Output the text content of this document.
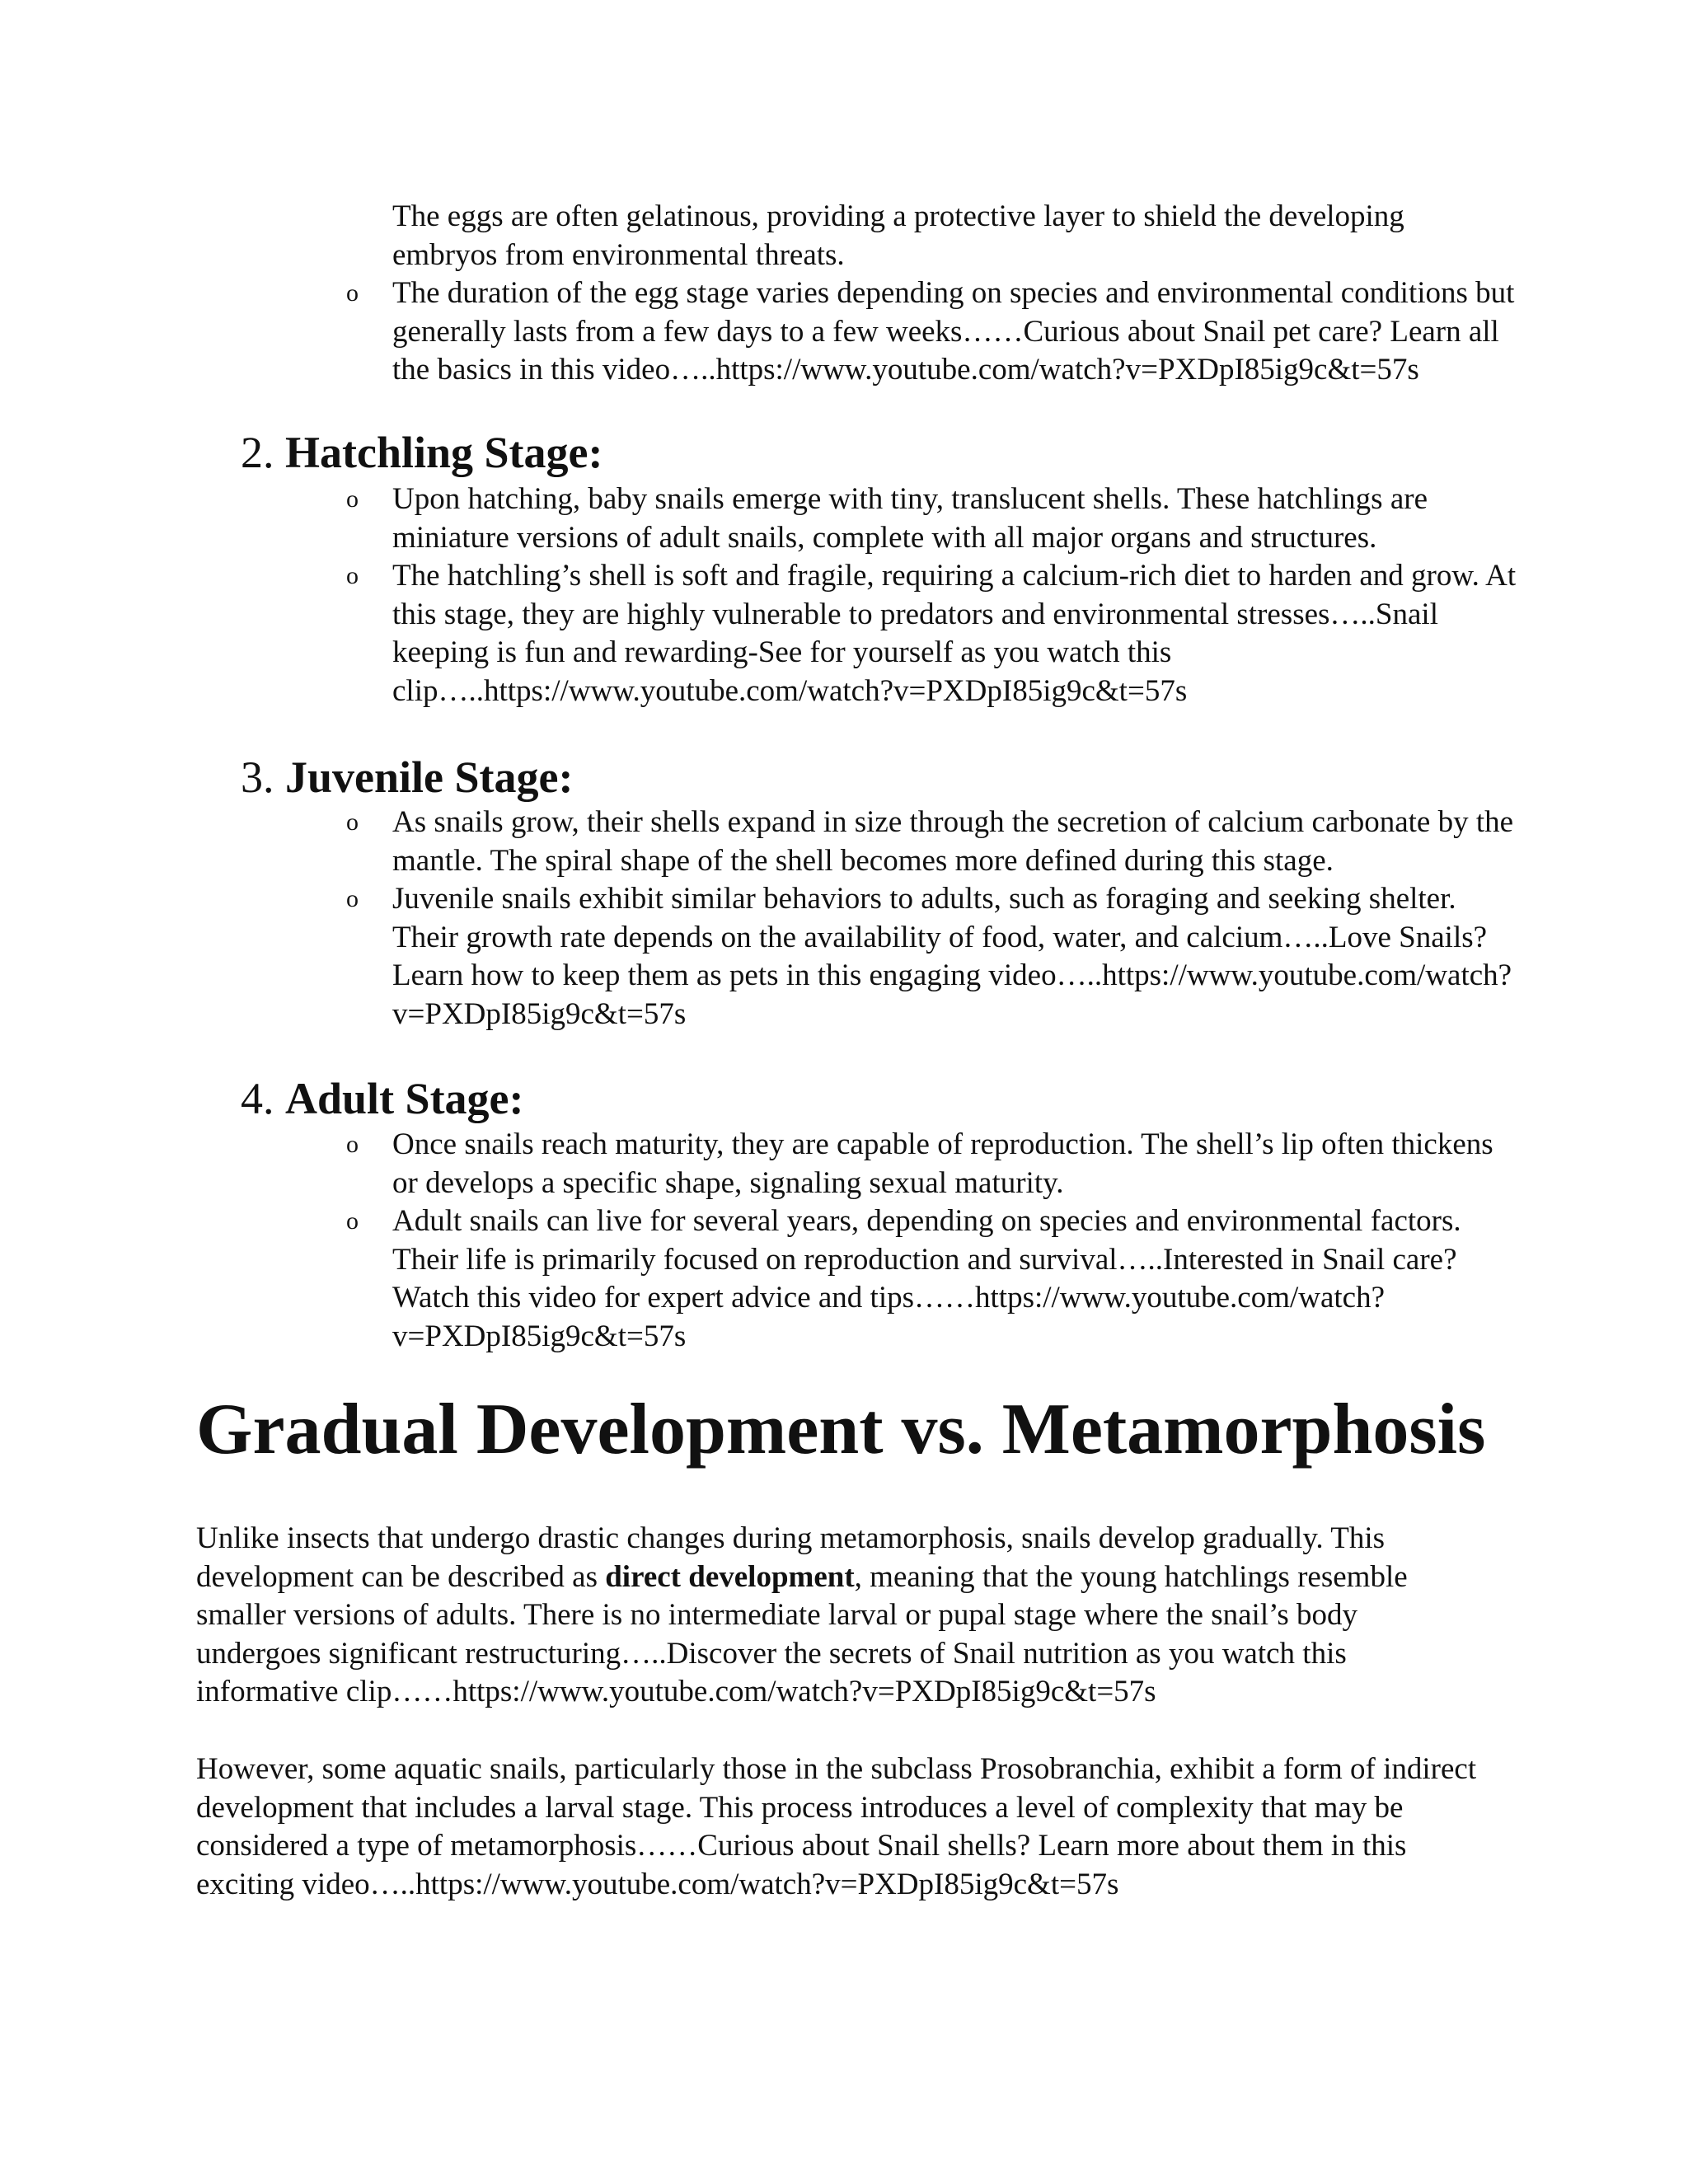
The eggs are often gelatinous, providing a protective layer to shield the developing embryos from environmental threats.
o	The duration of the egg stage varies depending on species and environmental conditions but generally lasts from a few days to a few weeks……Curious about Snail pet care? Learn all the basics in this video…..https://www.youtube.com/watch?v=PXDpI85ig9c&t=57s
2. Hatchling Stage:
o	Upon hatching, baby snails emerge with tiny, translucent shells. These hatchlings are miniature versions of adult snails, complete with all major organs and structures.
o	The hatchling’s shell is soft and fragile, requiring a calcium-rich diet to harden and grow. At this stage, they are highly vulnerable to predators and environmental stresses…..Snail keeping is fun and rewarding-See for yourself as you watch this clip…..https://www.youtube.com/watch?v=PXDpI85ig9c&t=57s
3. Juvenile Stage:
o	As snails grow, their shells expand in size through the secretion of calcium carbonate by the mantle. The spiral shape of the shell becomes more defined during this stage.
o	Juvenile snails exhibit similar behaviors to adults, such as foraging and seeking shelter. Their growth rate depends on the availability of food, water, and calcium…..Love Snails? Learn how to keep them as pets in this engaging video…..https://www.youtube.com/watch?v=PXDpI85ig9c&t=57s
4. Adult Stage:
o	Once snails reach maturity, they are capable of reproduction. The shell’s lip often thickens or develops a specific shape, signaling sexual maturity.
o	Adult snails can live for several years, depending on species and environmental factors. Their life is primarily focused on reproduction and survival…..Interested in Snail care? Watch this video for expert advice and tips……https://www.youtube.com/watch?v=PXDpI85ig9c&t=57s
Gradual Development vs. Metamorphosis

Unlike insects that undergo drastic changes during metamorphosis, snails develop gradually. This development can be described as direct development, meaning that the young hatchlings resemble smaller versions of adults. There is no intermediate larval or pupal stage where the snail’s body undergoes significant restructuring…..Discover the secrets of Snail nutrition as you watch this informative clip……https://www.youtube.com/watch?v=PXDpI85ig9c&t=57s

However, some aquatic snails, particularly those in the subclass Prosobranchia, exhibit a form of indirect development that includes a larval stage. This process introduces a level of complexity that may be considered a type of metamorphosis……Curious about Snail shells? Learn more about them in this exciting video…..https://www.youtube.com/watch?v=PXDpI85ig9c&t=57s
